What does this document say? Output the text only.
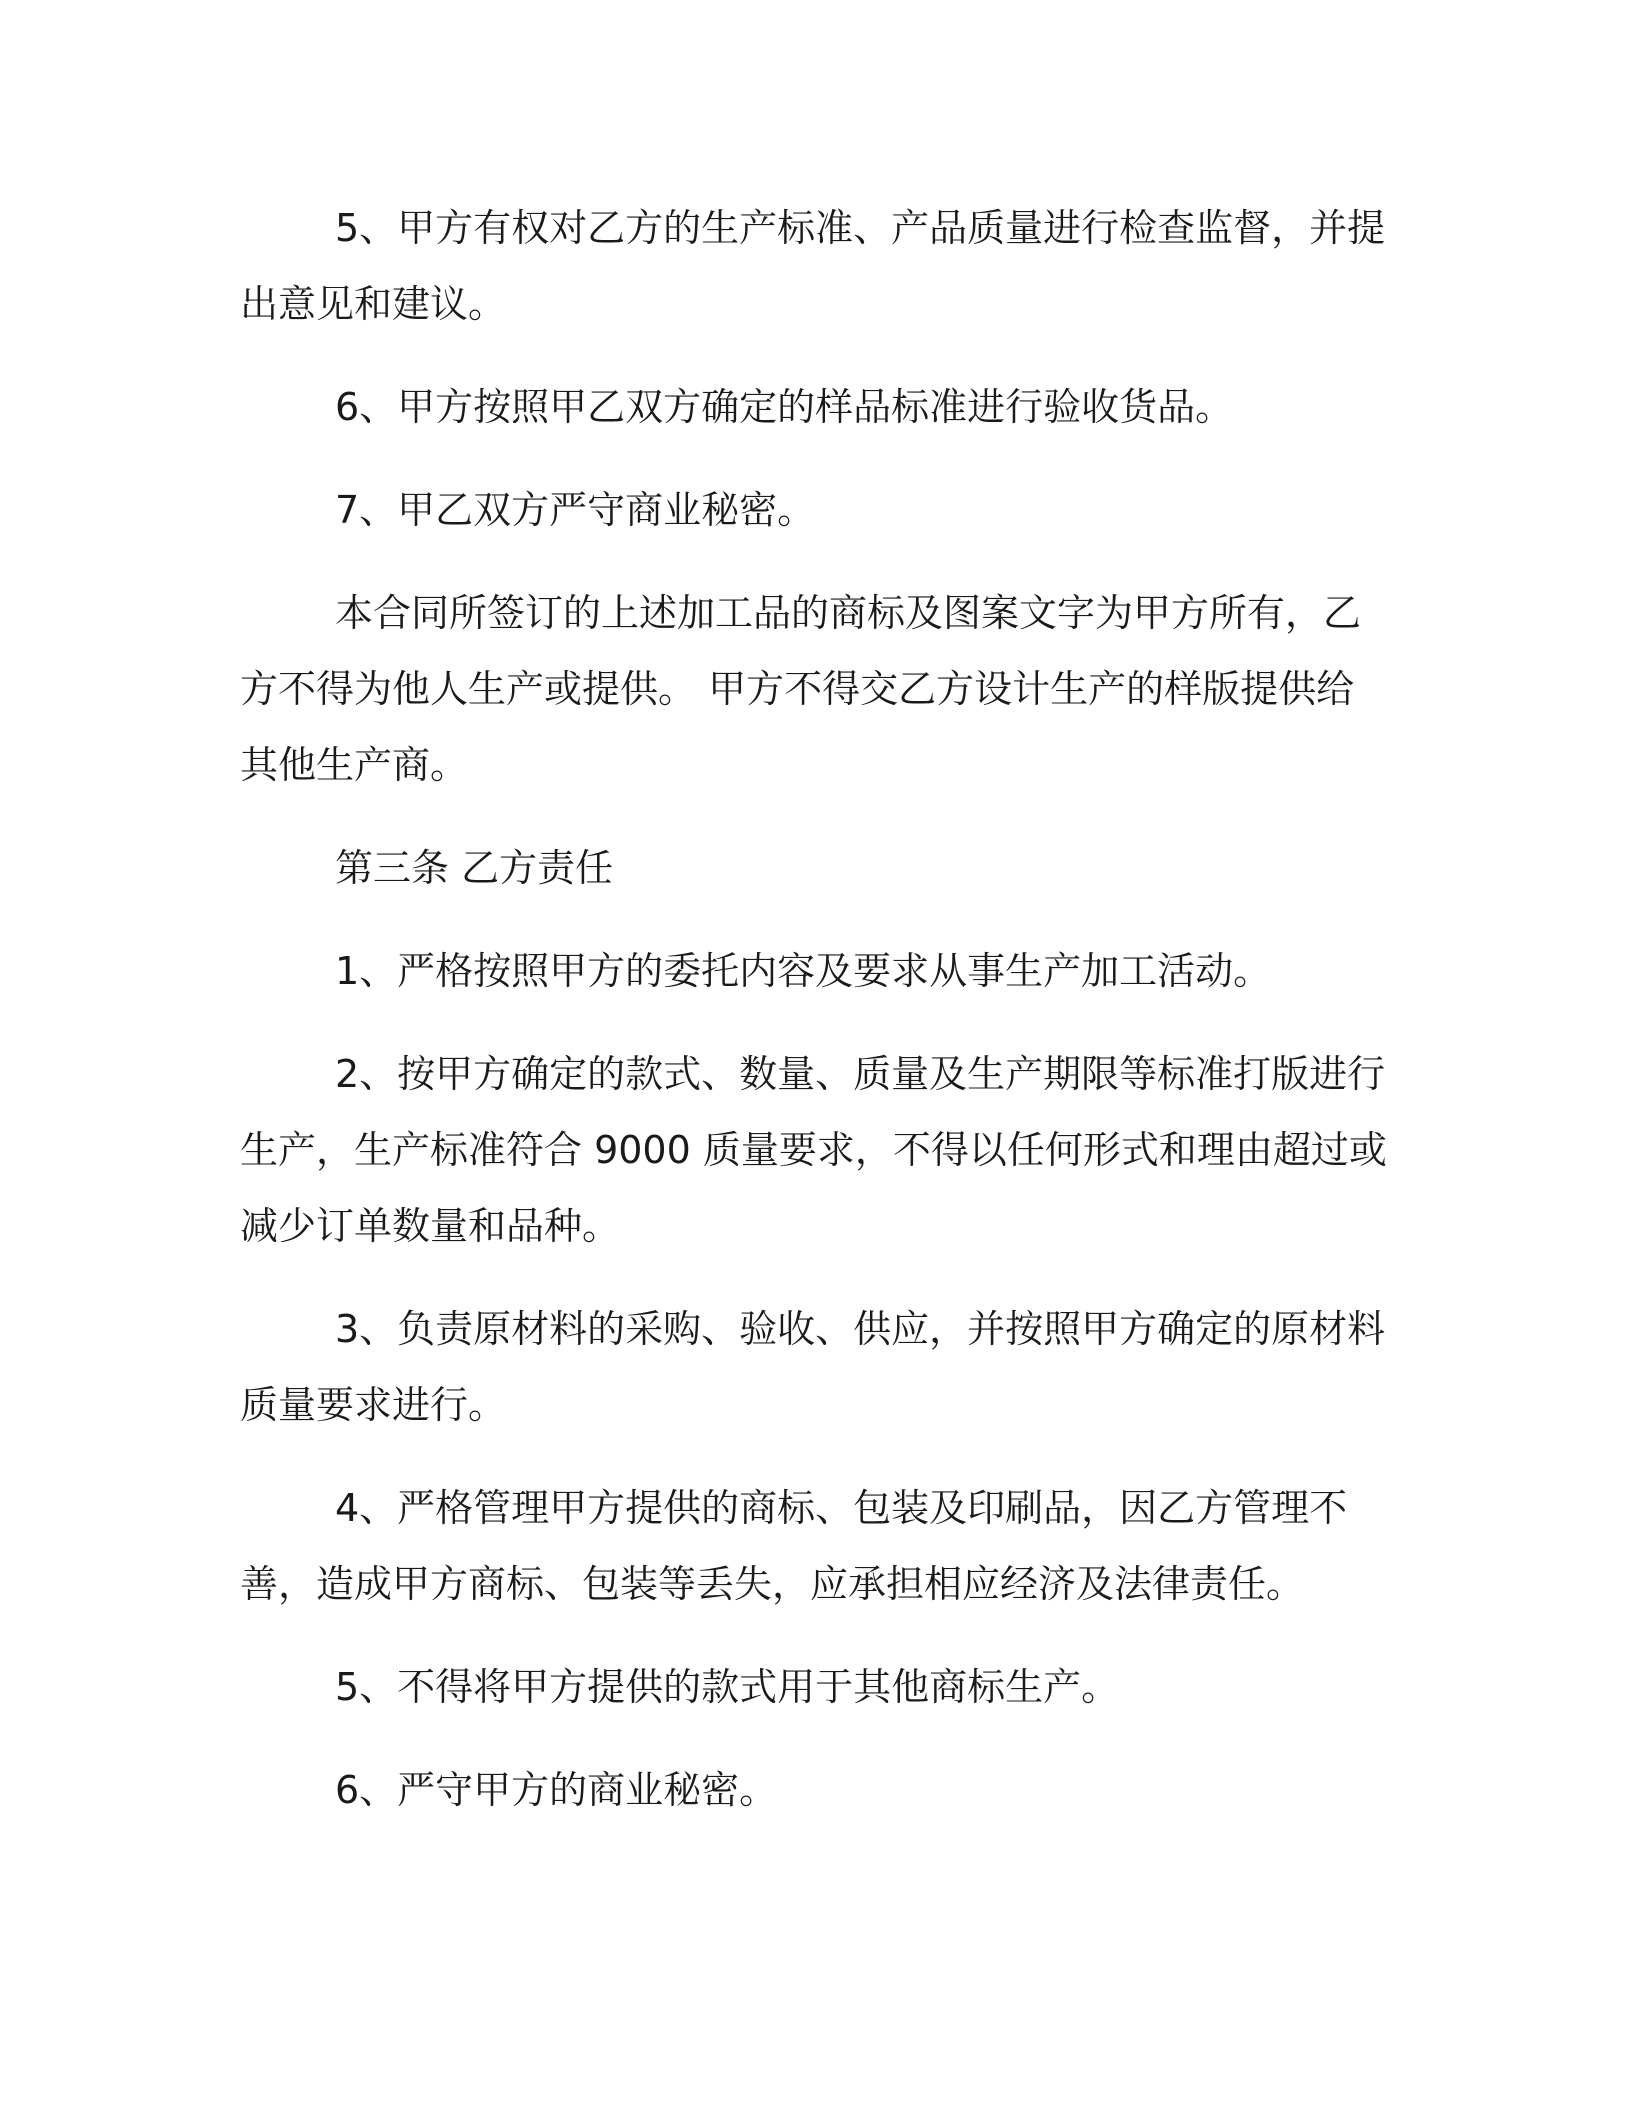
5、甲方有权对乙方的生产标准、产品质量进行检查监督，并提出意见和建议。

6、甲方按照甲乙双方确定的样品标准进行验收货品。

7、甲乙双方严守商业秘密。

本合同所签订的上述加工品的商标及图案文字为甲方所有，乙方不得为他人生产或提供。 甲方不得交乙方设计生产的样版提供给其他生产商。

第三条 乙方责任

1、严格按照甲方的委托内容及要求从事生产加工活动。

2、按甲方确定的款式、数量、质量及生产期限等标准打版进行生产，生产标准符合 9000 质量要求，不得以任何形式和理由超过或减少订单数量和品种。

3、负责原材料的采购、验收、供应，并按照甲方确定的原材料质量要求进行。

4、严格管理甲方提供的商标、包装及印刷品，因乙方管理不善，造成甲方商标、包装等丢失，应承担相应经济及法律责任。

5、不得将甲方提供的款式用于其他商标生产。

6、严守甲方的商业秘密。
